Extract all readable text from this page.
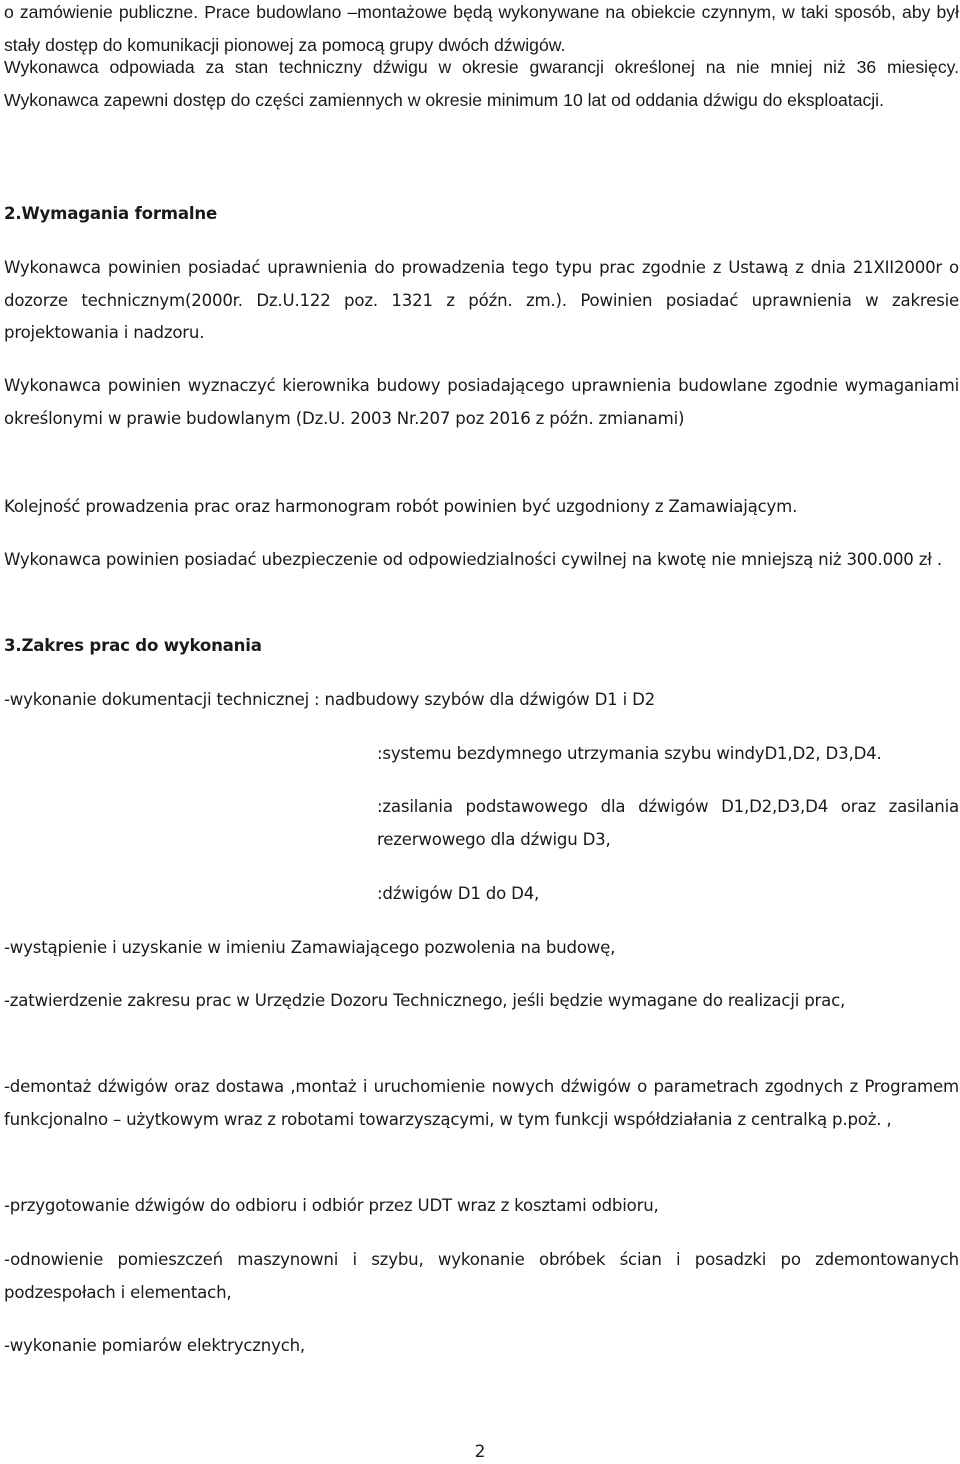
o zamówienie publiczne. Prace budowlano –montażowe będą wykonywane na obiekcie czynnym, w taki sposób, aby był stały dostęp do komunikacji pionowej za pomocą grupy dwóch dźwigów.
Wykonawca odpowiada za stan techniczny dźwigu w okresie gwarancji określonej na nie mniej niż 36 miesięcy. Wykonawca zapewni dostęp do części zamiennych w okresie minimum 10 lat od oddania dźwigu do eksploatacji.
2.Wymagania formalne
Wykonawca powinien posiadać uprawnienia do prowadzenia tego typu prac zgodnie z Ustawą z dnia 21XII2000r o dozorze technicznym(2000r. Dz.U.122 poz. 1321 z późn. zm.). Powinien posiadać uprawnienia w zakresie projektowania i nadzoru.
Wykonawca powinien wyznaczyć kierownika budowy posiadającego uprawnienia budowlane zgodnie wymaganiami określonymi w prawie budowlanym (Dz.U. 2003 Nr.207 poz 2016 z późn. zmianami)
Kolejność prowadzenia prac oraz harmonogram robót powinien być uzgodniony z Zamawiającym.
Wykonawca powinien posiadać ubezpieczenie od odpowiedzialności cywilnej na kwotę nie mniejszą niż 300.000 zł .
3.Zakres prac do wykonania
-wykonanie dokumentacji technicznej : nadbudowy szybów dla dźwigów D1 i D2
:systemu bezdymnego utrzymania szybu windyD1,D2, D3,D4.
:zasilania podstawowego dla dźwigów D1,D2,D3,D4 oraz zasilania rezerwowego dla dźwigu D3,
:dźwigów D1 do D4,
-wystąpienie i uzyskanie w imieniu Zamawiającego pozwolenia na budowę,
-zatwierdzenie zakresu prac w Urzędzie Dozoru Technicznego, jeśli będzie wymagane do realizacji prac,
-demontaż dźwigów oraz dostawa ,montaż i uruchomienie nowych dźwigów o parametrach zgodnych z Programem funkcjonalno – użytkowym wraz z robotami towarzyszącymi, w tym funkcji współdziałania z centralką p.poż. ,
-przygotowanie dźwigów do odbioru i odbiór przez UDT wraz z kosztami odbioru,
-odnowienie pomieszczeń maszynowni i szybu, wykonanie obróbek ścian i posadzki po zdemontowanych podzespołach i elementach,
-wykonanie pomiarów elektrycznych,
2
